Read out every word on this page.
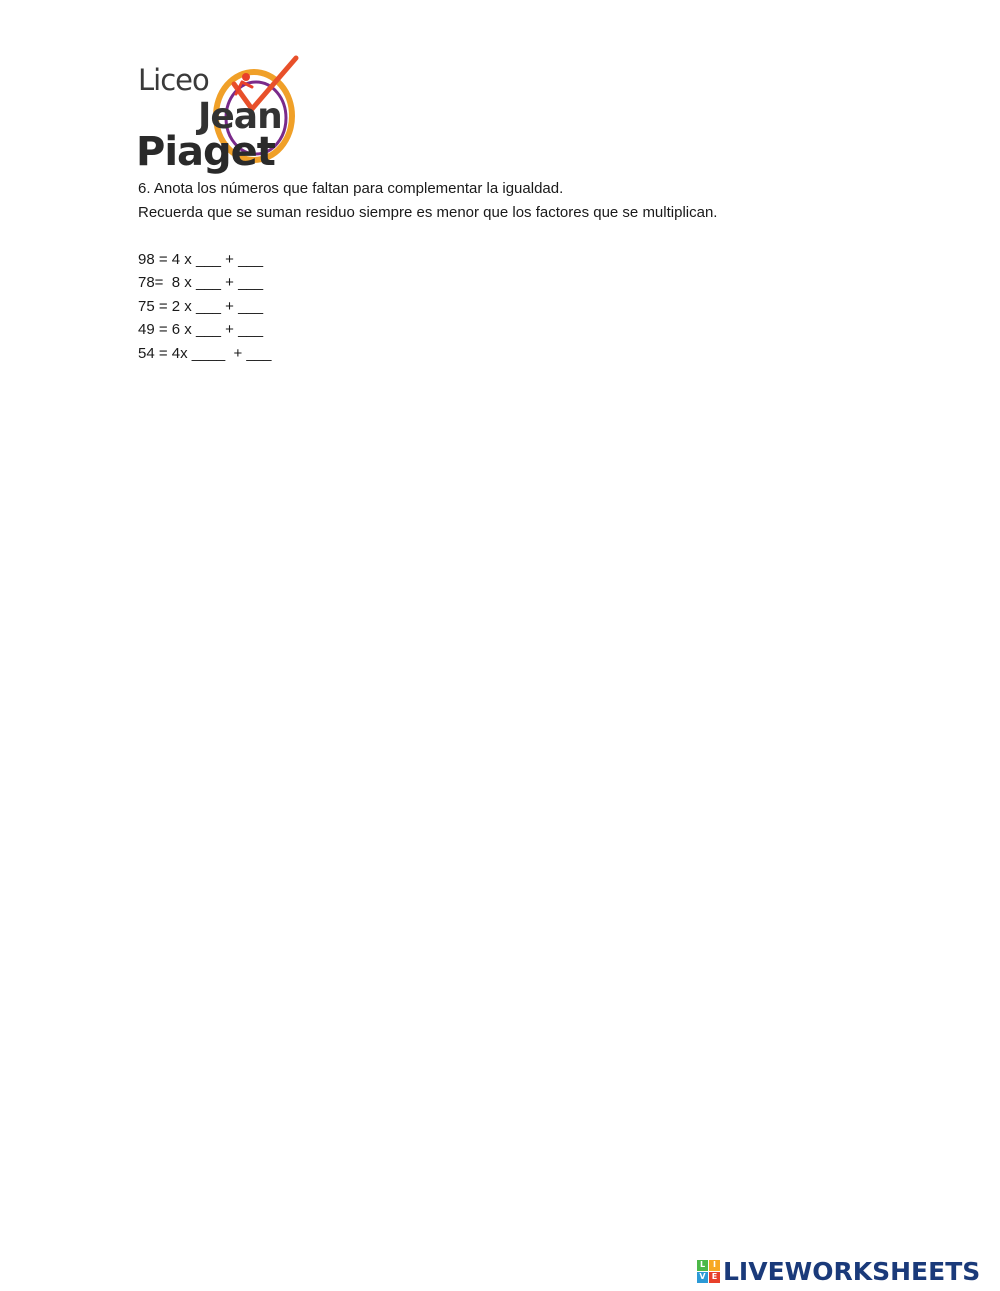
Liceo
Jean
Piaget

6. Anota los números que faltan para complementar la igualdad.

Recuerda que se suman residuo siempre es menor que los factores que se multiplican.

98 = 4 x ___ + ___

78=  8 x ___ + ___

75 = 2 x ___ + ___

49 = 6 x ___ + ___

54 = 4x ____  + ___

L I
V E LIVEWORKSHEETS
